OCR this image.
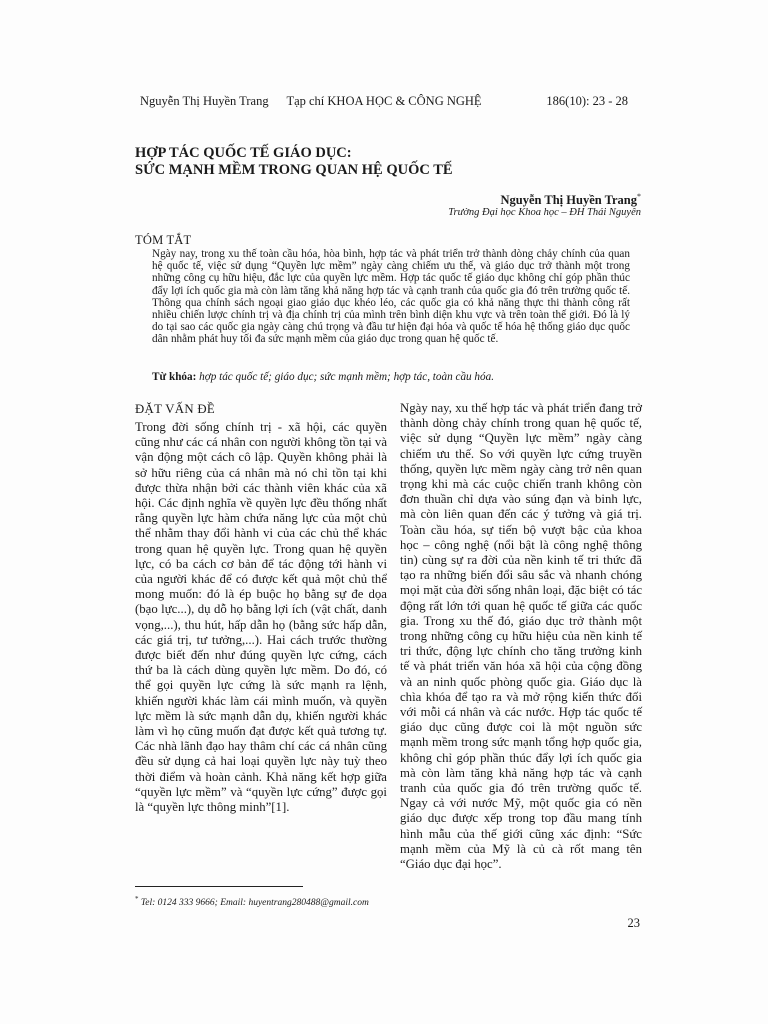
Nguyễn Thị Huyền Trang	Tạp chí KHOA HỌC & CÔNG NGHỆ	186(10): 23 - 28
HỢP TÁC QUỐC TẾ GIÁO DỤC:
SỨC MẠNH MỀM TRONG QUAN HỆ QUỐC TẾ
Nguyễn Thị Huyền Trang*
Trường Đại học Khoa học – ĐH Thái Nguyên
TÓM TẮT
Ngày nay, trong xu thế toàn cầu hóa, hòa bình, hợp tác và phát triển trở thành dòng chảy chính của quan hệ quốc tế, việc sử dụng “Quyền lực mềm” ngày càng chiếm ưu thế, và giáo dục trở thành một trong những công cụ hữu hiệu, đắc lực của quyền lực mềm. Hợp tác quốc tế giáo dục không chỉ góp phần thúc đẩy lợi ích quốc gia mà còn làm tăng khả năng hợp tác và cạnh tranh của quốc gia đó trên trường quốc tế. Thông qua chính sách ngoại giao giáo dục khéo léo, các quốc gia có khả năng thực thi thành công rất nhiều chiến lược chính trị và địa chính trị của mình trên bình diện khu vực và trên toàn thế giới. Đó là lý do tại sao các quốc gia ngày càng chú trọng và đầu tư hiện đại hóa và quốc tế hóa hệ thống giáo dục quốc dân nhằm phát huy tối đa sức mạnh mềm của giáo dục trong quan hệ quốc tế.
Từ khóa: hợp tác quốc tế; giáo dục; sức mạnh mềm; hợp tác, toàn cầu hóa.
ĐẶT VẤN ĐỀ
Trong đời sống chính trị - xã hội, các quyền cũng như các cá nhân con người không tồn tại và vận động một cách cô lập. Quyền không phải là sở hữu riêng của cá nhân mà nó chỉ tồn tại khi được thừa nhận bởi các thành viên khác của xã hội. Các định nghĩa về quyền lực đều thống nhất rằng quyền lực hàm chứa năng lực của một chủ thể nhằm thay đổi hành vi của các chủ thể khác trong quan hệ quyền lực. Trong quan hệ quyền lực, có ba cách cơ bản để tác động tới hành vi của người khác để có được kết quả một chủ thể mong muốn: đó là ép buộc họ bằng sự đe dọa (bạo lực...), dụ dỗ họ bằng lợi ích (vật chất, danh vọng,...), thu hút, hấp dẫn họ (bằng sức hấp dẫn, các giá trị, tư tưởng,...). Hai cách trước thường được biết đến như đúng quyền lực cứng, cách thứ ba là cách dùng quyền lực mềm. Do đó, có thể gọi quyền lực cứng là sức mạnh ra lệnh, khiến người khác làm cái mình muốn, và quyền lực mềm là sức mạnh dẫn dụ, khiến người khác làm vì họ cũng muốn đạt được kết quả tương tự. Các nhà lãnh đạo hay thâm chí các cá nhân cũng đều sử dụng cả hai loại quyền lực này tuỳ theo thời điểm và hoàn cảnh. Khả năng kết hợp giữa “quyền lực mềm” và “quyền lực cứng” được gọi là “quyền lực thông minh”[1].
Ngày nay, xu thế hợp tác và phát triển đang trở thành dòng chảy chính trong quan hệ quốc tế, việc sử dụng “Quyền lực mềm” ngày càng chiếm ưu thế. So với quyền lực cứng truyền thống, quyền lực mềm ngày càng trở nên quan trọng khi mà các cuộc chiến tranh không còn đơn thuần chỉ dựa vào súng đạn và binh lực, mà còn liên quan đến các ý tưởng và giá trị. Toàn cầu hóa, sự tiến bộ vượt bậc của khoa học – công nghệ (nổi bật là công nghệ thông tin) cùng sự ra đời của nền kinh tế tri thức đã tạo ra những biến đổi sâu sắc và nhanh chóng mọi mặt của đời sống nhân loại, đặc biệt có tác động rất lớn tới quan hệ quốc tế giữa các quốc gia. Trong xu thế đó, giáo dục trở thành một trong những công cụ hữu hiệu của nền kinh tế tri thức, động lực chính cho tăng trưởng kinh tế và phát triển văn hóa xã hội của cộng đồng và an ninh quốc phòng quốc gia. Giáo dục là chìa khóa để tạo ra và mở rộng kiến thức đối với mỗi cá nhân và các nước. Hợp tác quốc tế giáo dục cũng được coi là một nguồn sức mạnh mềm trong sức mạnh tổng hợp quốc gia, không chỉ góp phần thúc đẩy lợi ích quốc gia mà còn làm tăng khả năng hợp tác và cạnh tranh của quốc gia đó trên trường quốc tế. Ngay cả với nước Mỹ, một quốc gia có nền giáo dục được xếp trong top đầu mang tính hình mẫu của thế giới cũng xác định: “Sức mạnh mềm của Mỹ là củ cà rốt mang tên “Giáo dục đại học”.
* Tel: 0124 333 9666; Email: huyentrang280488@gmail.com
23
